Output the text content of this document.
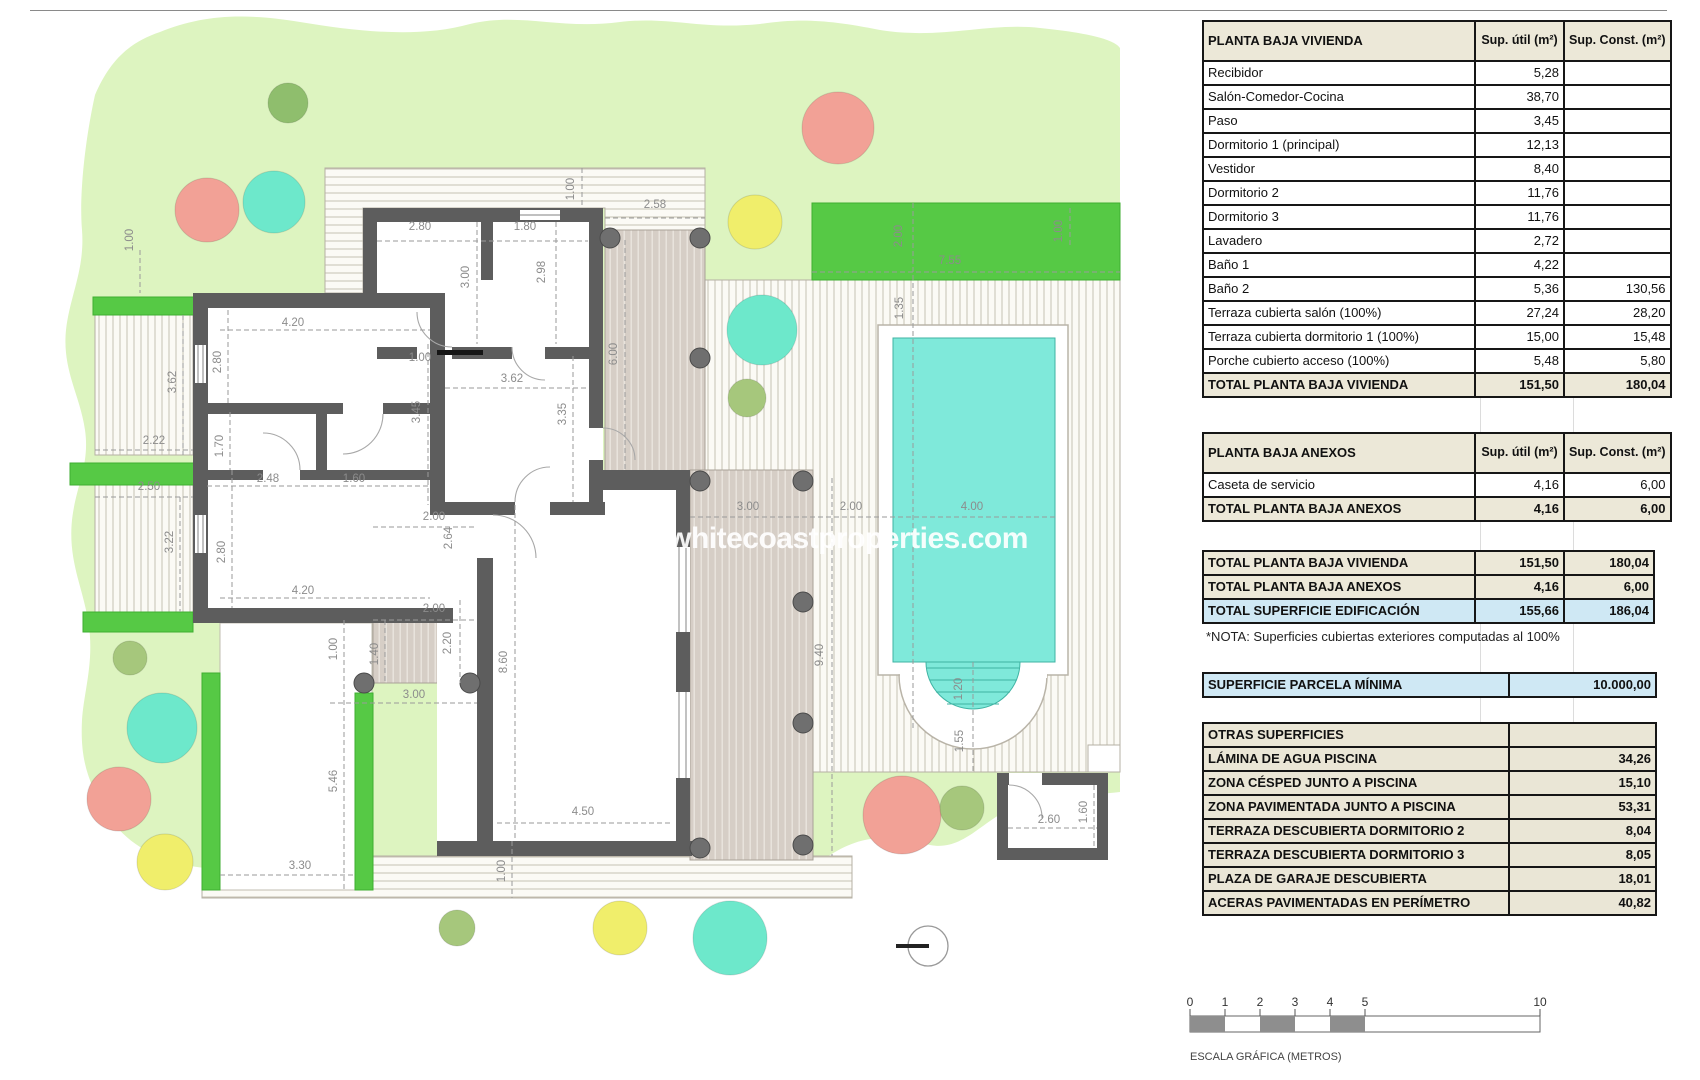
4.20
2.80
1.70
2.48	1.60
4.20
2.80
2.80	1.80
3.00	2.98
1.00
1.00
3.62
3.35
3.45
1.00
2.58
6.00
2.22
3.62
2.50
3.22
2.00
2.64
2.00
2.20
1.40
1.00
3.00
5.46
3.30
8.60
4.50
1.00
3.00	2.00	4.00
7.55
2.00
1.35
9.40
1.20
1.55
2.60 1.60
1.00
whitecoastproperties.com
PLANTA BAJA VIVIENDA	Sup. útil (m²)	Sup. Const. (m²)
Recibidor	5,28	
Salón-Comedor-Cocina	38,70	
Paso	3,45	
Dormitorio 1 (principal)	12,13	
Vestidor	8,40	
Dormitorio 2	11,76	
Dormitorio 3	11,76	
Lavadero	2,72	
Baño 1	4,22	
Baño 2	5,36	130,56
Terraza cubierta salón (100%)	27,24	28,20
Terraza cubierta dormitorio 1 (100%)	15,00	15,48
Porche cubierto acceso (100%)	5,48	5,80
TOTAL PLANTA BAJA VIVIENDA	151,50	180,04
PLANTA BAJA ANEXOS	Sup. útil (m²)	Sup. Const. (m²)
Caseta de servicio	4,16	6,00
TOTAL PLANTA BAJA ANEXOS	4,16	6,00
TOTAL PLANTA BAJA VIVIENDA	151,50	180,04
TOTAL PLANTA BAJA ANEXOS	4,16	6,00
TOTAL SUPERFICIE EDIFICACIÓN	155,66	186,04
*NOTA: Superficies cubiertas exteriores computadas al 100%
SUPERFICIE PARCELA MÍNIMA	10.000,00
OTRAS SUPERFICIES	
LÁMINA DE AGUA PISCINA	34,26
ZONA CÉSPED JUNTO A PISCINA	15,10
ZONA PAVIMENTADA JUNTO A PISCINA	53,31
TERRAZA DESCUBIERTA DORMITORIO 2	8,04
TERRAZA DESCUBIERTA DORMITORIO 3	8,05
PLAZA DE GARAJE DESCUBIERTA	18,01
ACERAS PAVIMENTADAS EN PERÍMETRO	40,82
0 1 2 3 4 5	10
ESCALA GRÁFICA (METROS)
